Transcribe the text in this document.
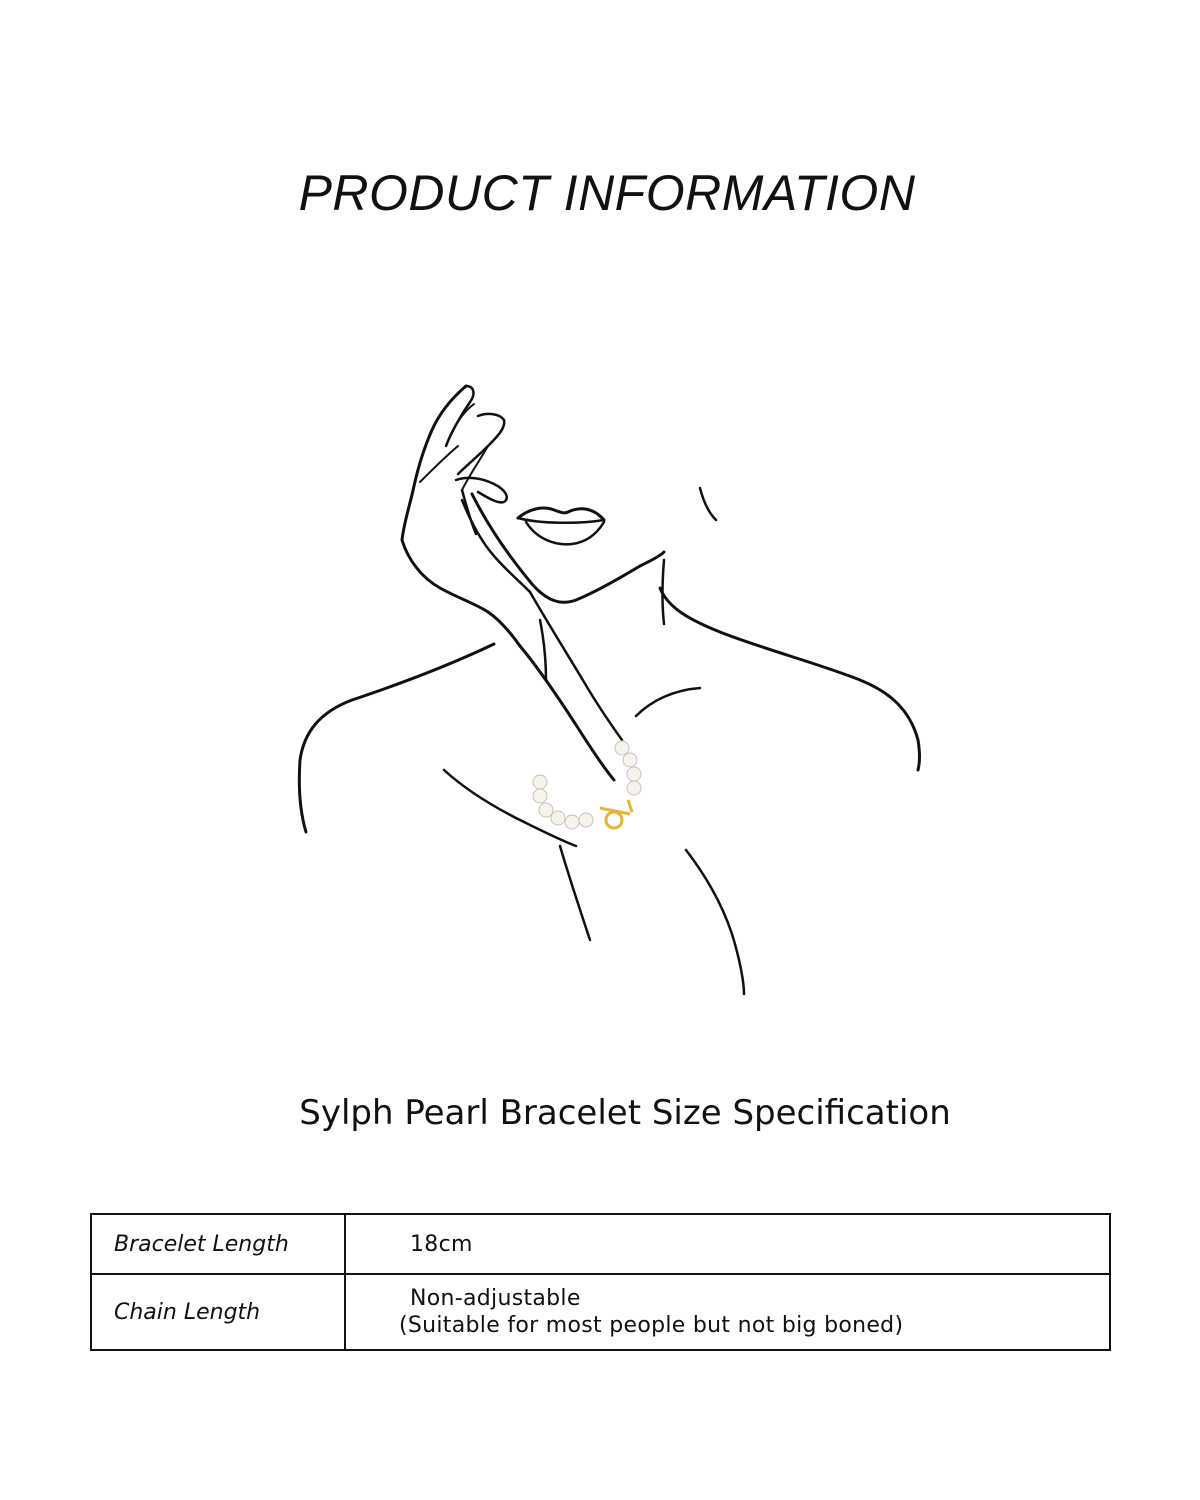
PRODUCT INFORMATION
Sylph Pearl Bracelet Size Specification
Bracelet Length	18cm

Chain Length	Non-adjustable
(Suitable for most people but not big boned)
